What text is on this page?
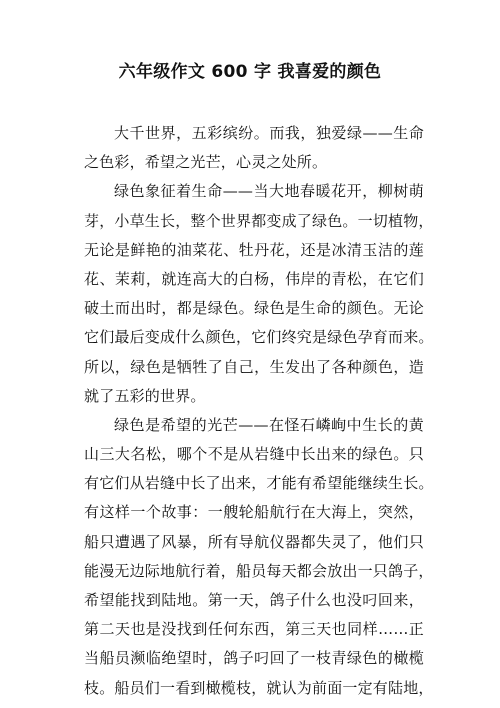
六年级作文 600 字 我喜爱的颜色
大千世界，五彩缤纷。而我，独爱绿——生命
之色彩，希望之光芒，心灵之处所。
绿色象征着生命——当大地春暖花开，柳树萌
芽，小草生长，整个世界都变成了绿色。一切植物，
无论是鲜艳的油菜花、牡丹花，还是冰清玉洁的莲
花、茉莉，就连高大的白杨，伟岸的青松，在它们
破土而出时，都是绿色。绿色是生命的颜色。无论
它们最后变成什么颜色，它们终究是绿色孕育而来。
所以，绿色是牺牲了自己，生发出了各种颜色，造
就了五彩的世界。
绿色是希望的光芒——在怪石嶙峋中生长的黄
山三大名松，哪个不是从岩缝中长出来的绿色。只
有它们从岩缝中长了出来，才能有希望能继续生长。
有这样一个故事：一艘轮船航行在大海上，突然，
船只遭遇了风暴，所有导航仪器都失灵了，他们只
能漫无边际地航行着，船员每天都会放出一只鸽子，
希望能找到陆地。第一天，鸽子什么也没叼回来，
第二天也是没找到任何东西，第三天也同样……正
当船员濒临绝望时，鸽子叼回了一枝青绿色的橄榄
枝。船员们一看到橄榄枝，就认为前面一定有陆地，
